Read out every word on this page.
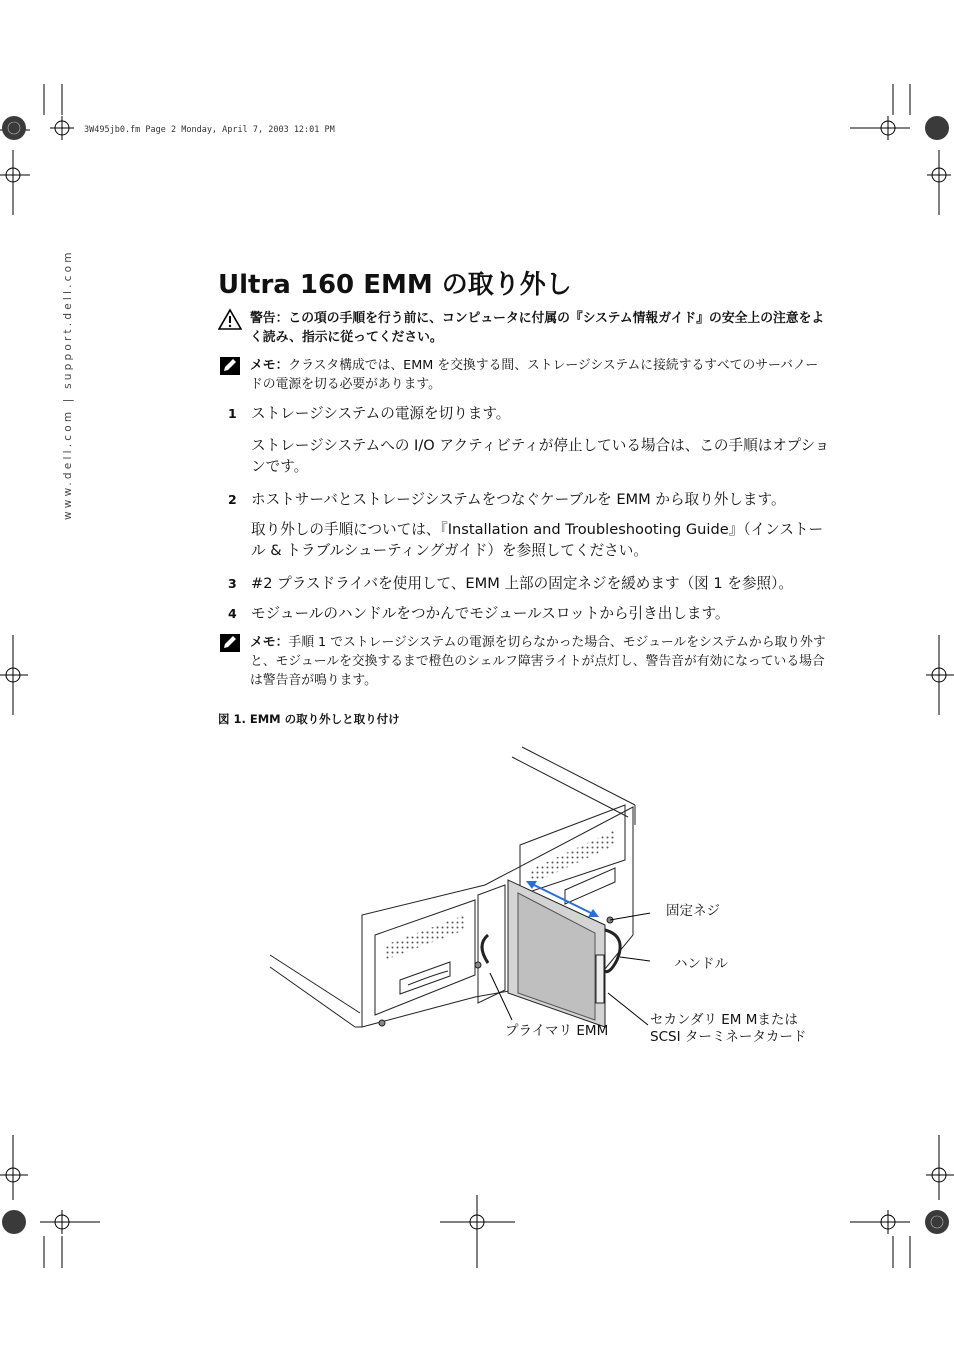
3W495jb0.fm Page 2 Monday, April 7, 2003 12:01 PM
www.dell.com | support.dell.com	Ultra 160 EMM の取り外し
警告：この項の手順を行う前に、コンピュータに付属の『システム情報ガイド』の安全上の注意をよく読み、指示に従ってください。
メモ：クラスタ構成では、EMM を交換する間、ストレージシステムに接続するすべてのサーバノードの電源を切る必要があります。
1 ストレージシステムの電源を切ります。
ストレージシステムへの I/O アクティビティが停止している場合は、この手順はオプションです。
2 ホストサーバとストレージシステムをつなぐケーブルを EMM から取り外します。
取り外しの手順については、『Installation and Troubleshooting Guide』（インストール & トラブルシューティングガイド）を参照してください。
3 #2 プラスドライバを使用して、EMM 上部の固定ネジを緩めます（図 1 を参照）。
4 モジュールのハンドルをつかんでモジュールスロットから引き出します。
メモ：手順 1 でストレージシステムの電源を切らなかった場合、モジュールをシステムから取り外すと、モジュールを交換するまで橙色のシェルフ障害ライトが点灯し、警告音が有効になっている場合は警告音が鳴ります。
図 1. EMM の取り外しと取り付け
固定ネジ
ハンドル
セカンダリ EM Mまたは
SCSI ターミネータカード
プライマリ EMM
